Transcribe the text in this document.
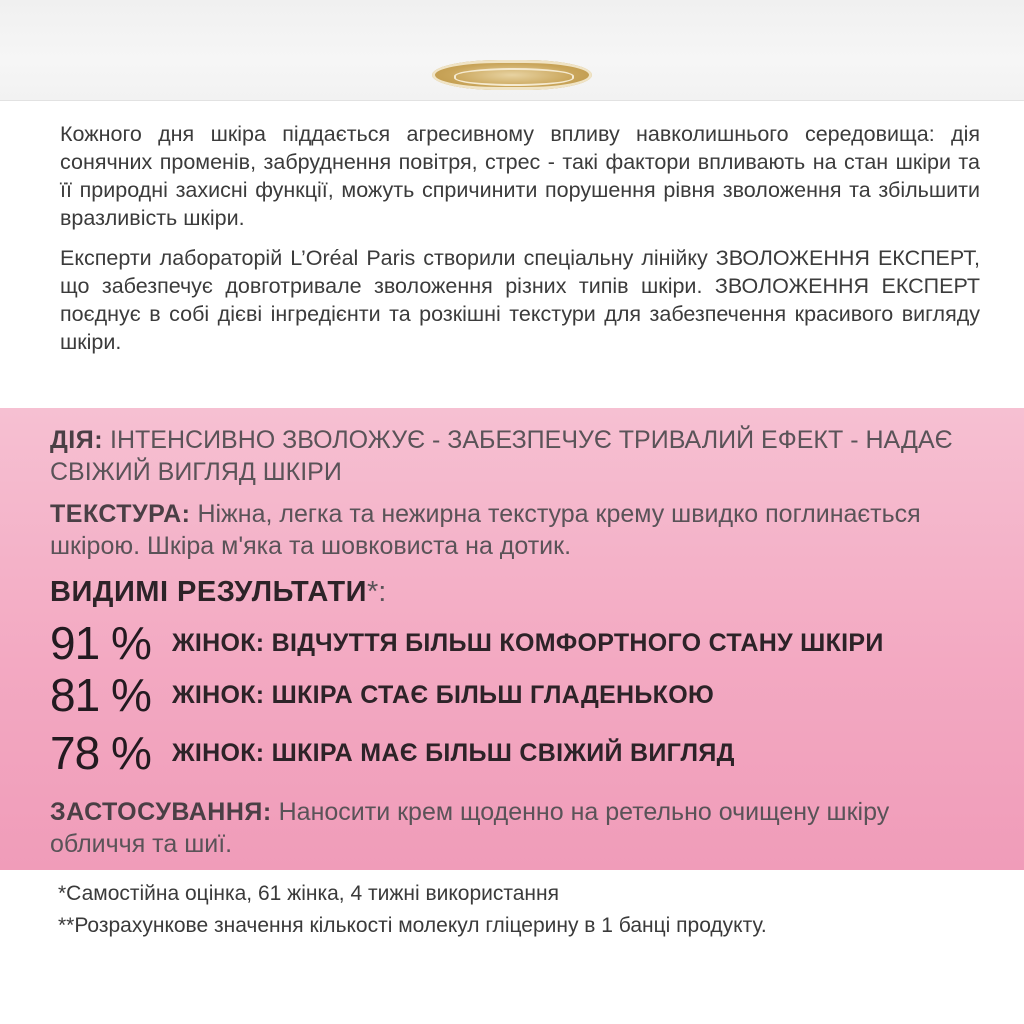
Кожного дня шкіра піддається агресивному впливу навколишнього середовища: дія сонячних променів, забруднення повітря, стрес - такі фактори впливають на стан шкіри та її природні захисні функції, можуть спричинити порушення рівня зволоження та збільшити вразливість шкіри.

Експерти лабораторій L’Oréal Paris створили спеціальну лінійку ЗВОЛОЖЕННЯ ЕКСПЕРТ, що забезпечує довготривале зволоження різних типів шкіри. ЗВОЛОЖЕННЯ ЕКСПЕРТ поєднує в собі дієві інгредієнти та розкішні текстури для забезпечення красивого вигляду шкіри.

ДІЯ: ІНТЕНСИВНО ЗВОЛОЖУЄ - ЗАБЕЗПЕЧУЄ ТРИВАЛИЙ ЕФЕКТ - НАДАЄ СВІЖИЙ ВИГЛЯД ШКІРИ
ТЕКСТУРА: Ніжна, легка та нежирна текстура крему швидко поглинається шкірою. Шкіра м'яка та шовковиста на дотик.
ВИДИМІ РЕЗУЛЬТАТИ*:
91 % ЖІНОК: ВІДЧУТТЯ БІЛЬШ КОМФОРТНОГО СТАНУ ШКІРИ
81 % ЖІНОК: ШКІРА СТАЄ БІЛЬШ ГЛАДЕНЬКОЮ
78 % ЖІНОК: ШКІРА МАЄ БІЛЬШ СВІЖИЙ ВИГЛЯД
ЗАСТОСУВАННЯ: Наносити крем щоденно на ретельно очищену шкіру обличчя та шиї.
*Самостійна оцінка, 61 жінка, 4 тижні використання
**Розрахункове значення кількості молекул гліцерину в 1 банці продукту.
